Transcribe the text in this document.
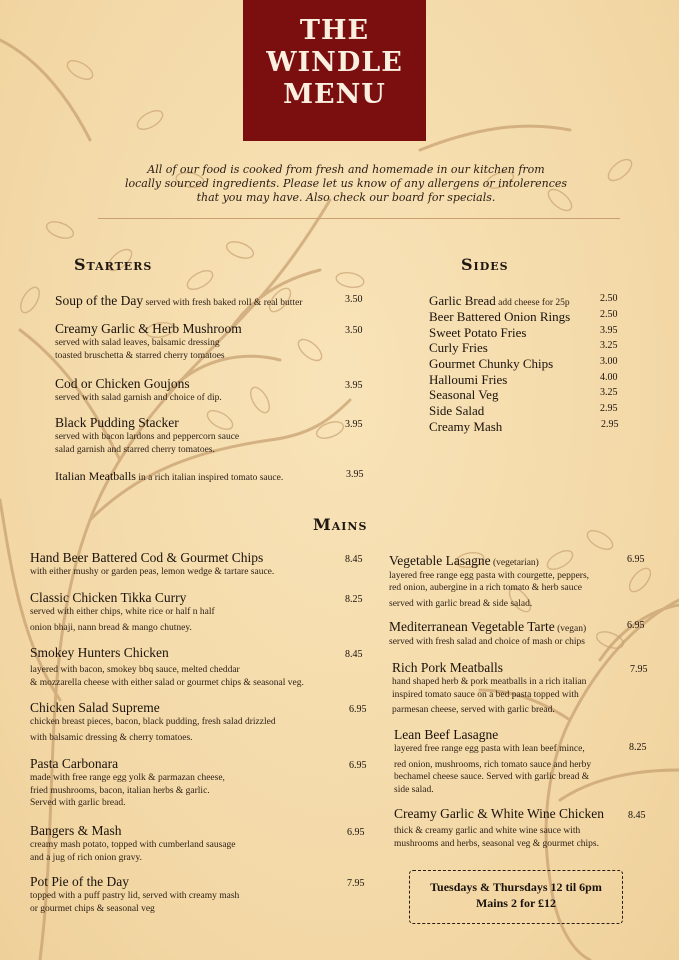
THE
WINDLE
MENU
All of our food is cooked from fresh and homemade in our kitchen from
locally sourced ingredients. Please let us know of any allergens or intolerences
that you may have. Also check our board for specials.
Starters	Sides
Mains
Soup of the Day served with fresh baked roll & real butter	3.50
Creamy Garlic & Herb Mushroom
served with salad leaves, balsamic dressing
toasted bruschetta & starred cherry tomatoes
3.50
Cod or Chicken Goujons
served with salad garnish and choice of dip.
3.95
Black Pudding Stacker
served with bacon lardons and peppercorn sauce
salad garnish and starred cherry tomatoes.
3.95
Italian Meatballs in a rich italian inspired tomato sauce.	3.95
Garlic Bread add cheese for 25p	2.50
Beer Battered Onion Rings	2.50
Sweet Potato Fries	3.95
Curly Fries	3.25
Gourmet Chunky Chips	3.00
Halloumi Fries	4.00
Seasonal Veg	3.25
Side Salad	2.95
Creamy Mash	2.95
Hand Beer Battered Cod & Gourmet Chips
with either mushy or garden peas, lemon wedge & tartare sauce.
8.45
Classic Chicken Tikka Curry
served with either chips, white rice or half n half
onion bhaji, nann bread & mango chutney.
8.25
Smokey Hunters Chicken
layered with bacon, smokey bbq sauce, melted cheddar
& mozzarella cheese with either salad or gourmet chips & seasonal veg.
8.45
Chicken Salad Supreme
chicken breast pieces, bacon, black pudding, fresh salad drizzled
with balsamic dressing & cherry tomatoes.
6.95
Pasta Carbonara
made with free range egg yolk & parmazan cheese,
fried mushrooms, bacon, italian herbs & garlic.
Served with garlic bread.
6.95
Bangers & Mash
creamy mash potato, topped with cumberland sausage
and a jug of rich onion gravy.
6.95
Pot Pie of the Day
topped with a puff pastry lid, served with creamy mash
or gourmet chips & seasonal veg
7.95
Vegetable Lasagne (vegetarian)
layered free range egg pasta with courgette, peppers,
red onion, aubergine in a rich tomato & herb sauce
served with garlic bread & side salad.
6.95
Mediterranean Vegetable Tarte (vegan)
served with fresh salad and choice of mash or chips
6.95
Rich Pork Meatballs
hand shaped herb & pork meatballs in a rich italian
inspired tomato sauce on a bed pasta topped with
parmesan cheese, served with garlic bread.
7.95
Lean Beef Lasagne
layered free range egg pasta with lean beef mince,
red onion, mushrooms, rich tomato sauce and herby
bechamel cheese sauce. Served with garlic bread &
side salad.
8.25
Creamy Garlic & White Wine Chicken
thick & creamy garlic and white wine sauce with
mushrooms and herbs, seasonal veg & gourmet chips.
8.45
Tuesdays & Thursdays 12 til 6pm
Mains 2 for £12
